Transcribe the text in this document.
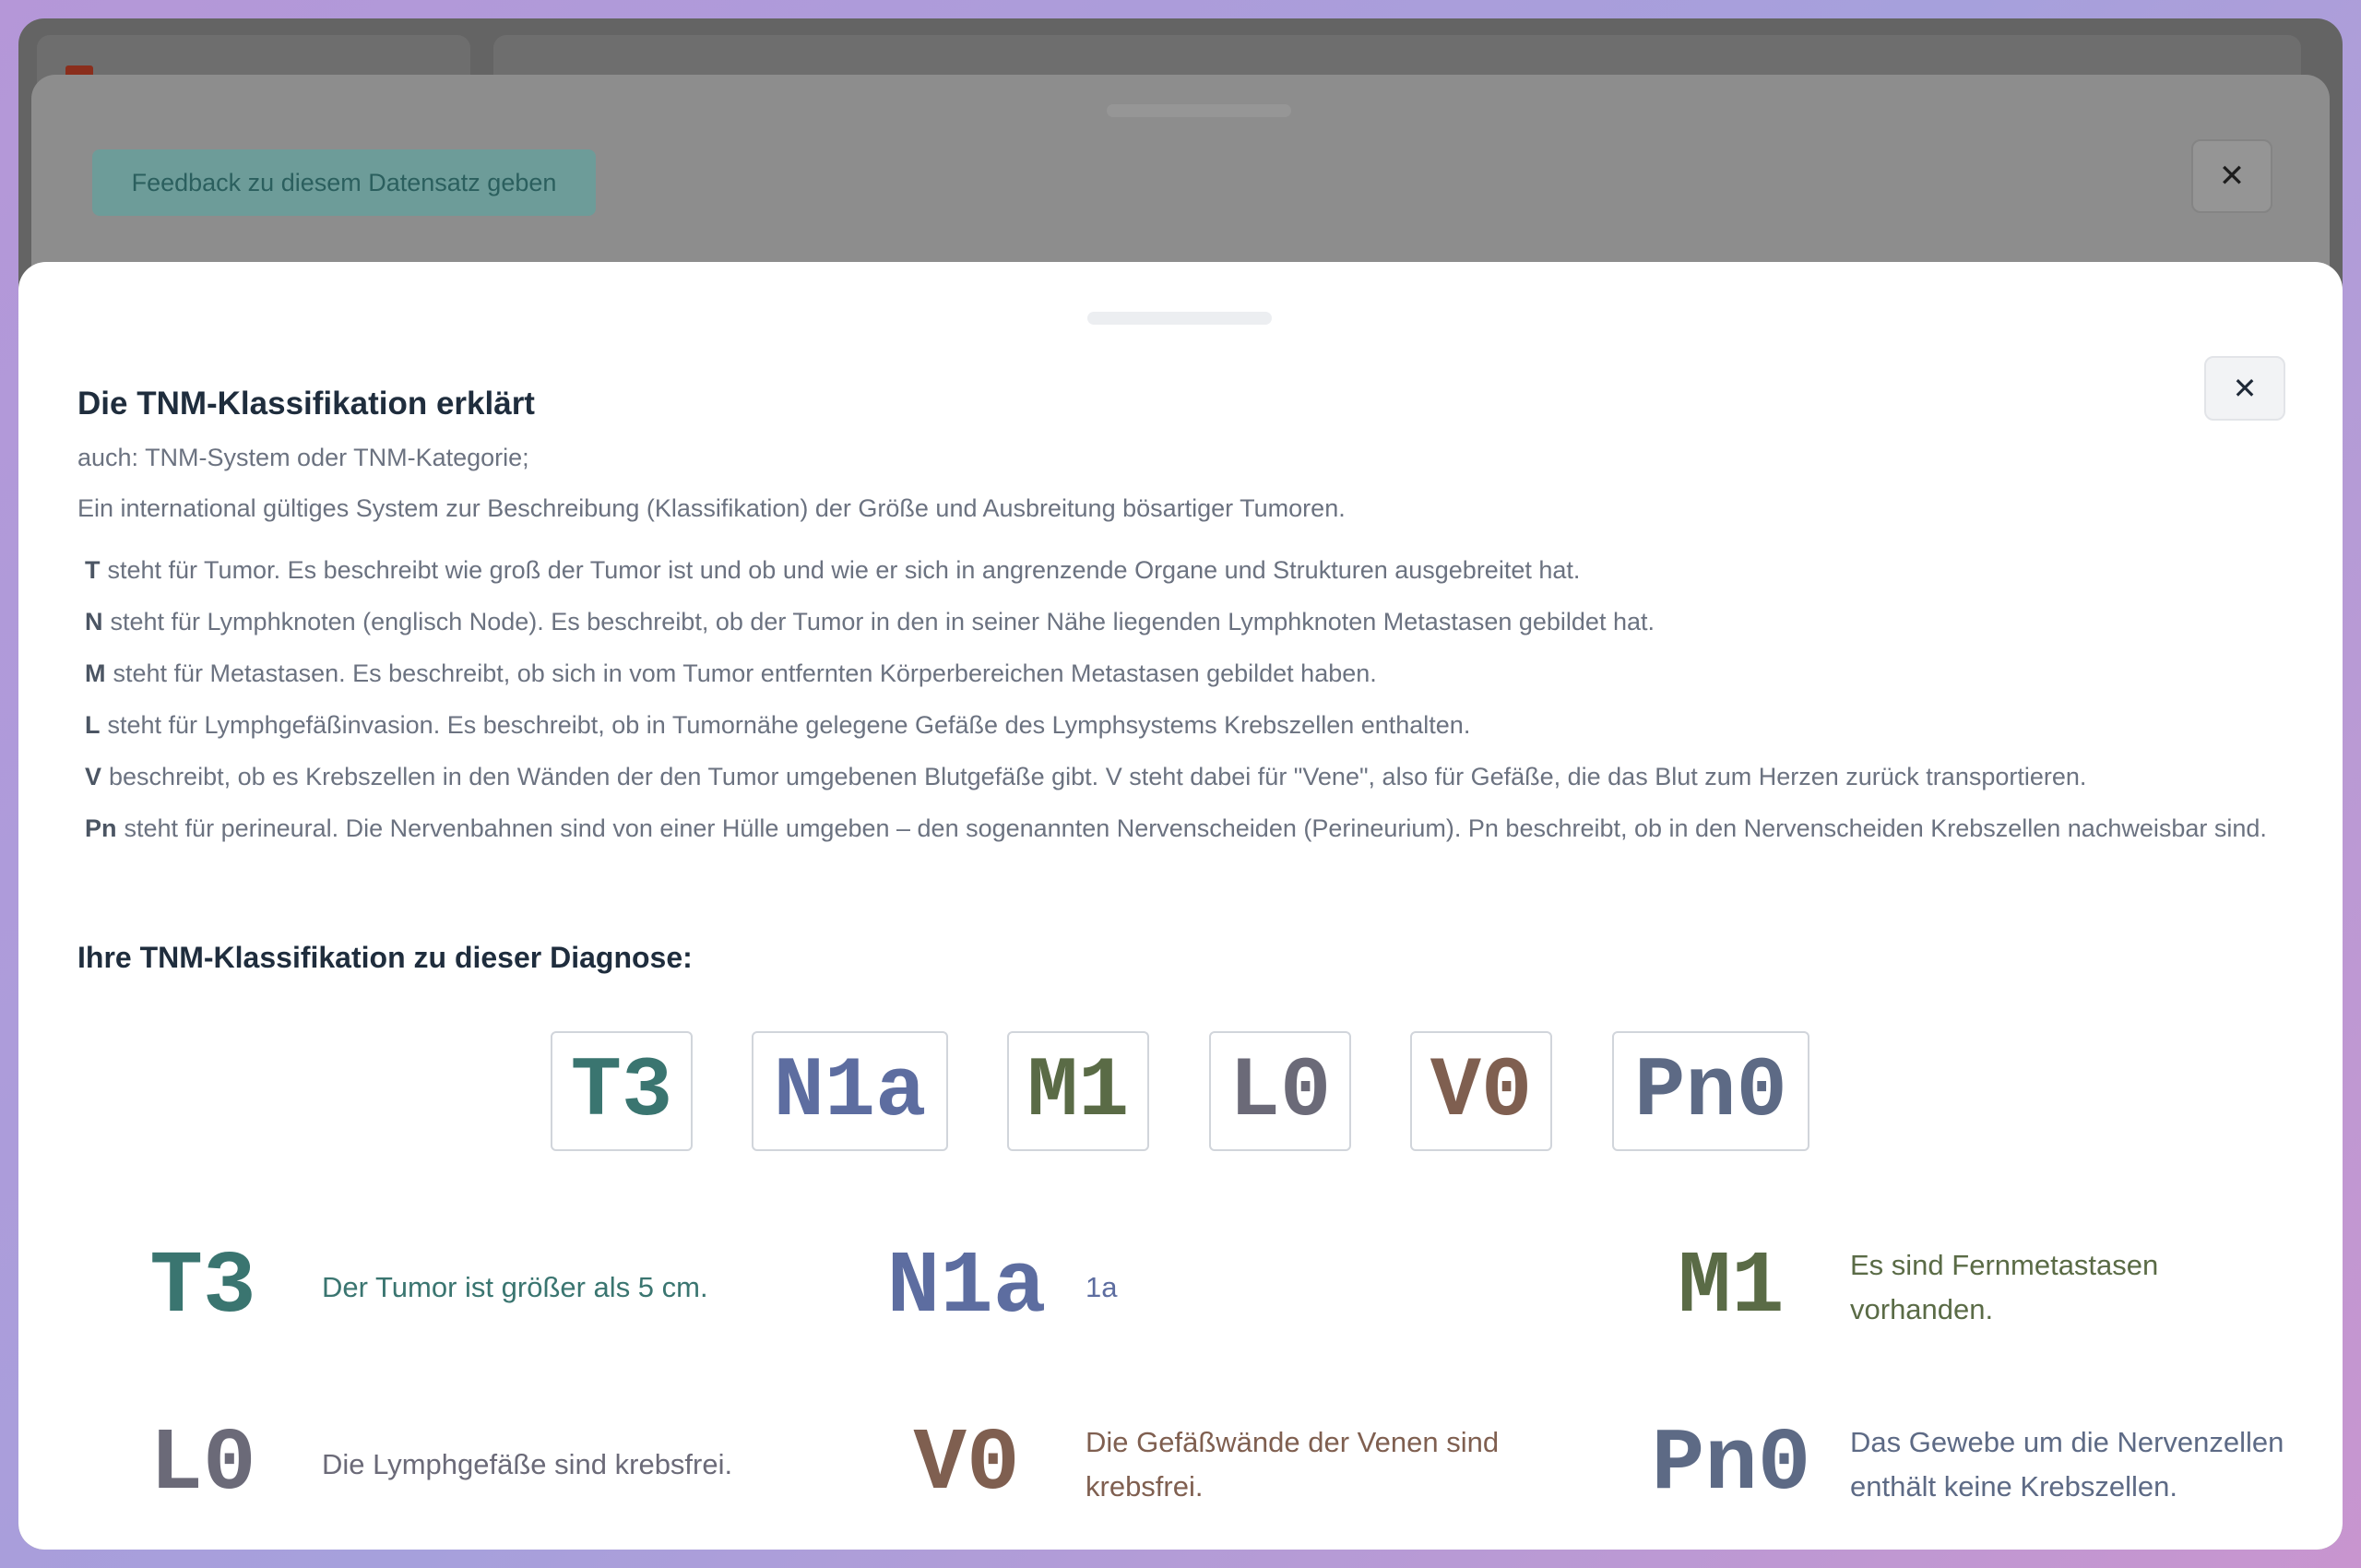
Feedback zu diesem Datensatz geben	✕
✕
Die TNM-Klassifikation erklärt

auch: TNM-System oder TNM-Kategorie;

Ein international gültiges System zur Beschreibung (Klassifikation) der Größe und Ausbreitung bösartiger Tumoren.

T steht für Tumor. Es beschreibt wie groß der Tumor ist und ob und wie er sich in angrenzende Organe und Strukturen ausgebreitet hat.
N steht für Lymphknoten (englisch Node). Es beschreibt, ob der Tumor in den in seiner Nähe liegenden Lymphknoten Metastasen gebildet hat.
M steht für Metastasen. Es beschreibt, ob sich in vom Tumor entfernten Körperbereichen Metastasen gebildet haben.
L steht für Lymphgefäßinvasion. Es beschreibt, ob in Tumornähe gelegene Gefäße des Lymphsystems Krebszellen enthalten.
V beschreibt, ob es Krebszellen in den Wänden der den Tumor umgebenen Blutgefäße gibt. V steht dabei für "Vene", also für Gefäße, die das Blut zum Herzen zurück transportieren.
Pn steht für perineural. Die Nervenbahnen sind von einer Hülle umgeben – den sogenannten Nervenscheiden (Perineurium). Pn beschreibt, ob in den Nervenscheiden Krebszellen nachweisbar sind.
Ihre TNM-Klassifikation zu dieser Diagnose:
T3 N1a M1 L0 V0 Pn0
T3	Der Tumor ist größer als 5 cm.	N1a	1a	M1	Es sind Fernmetastasen vorhanden.
L0	Die Lymphgefäße sind krebsfrei.	V0	Die Gefäßwände der Venen sind krebsfrei.	Pn0	Das Gewebe um die Nervenzellen enthält keine Krebszellen.
